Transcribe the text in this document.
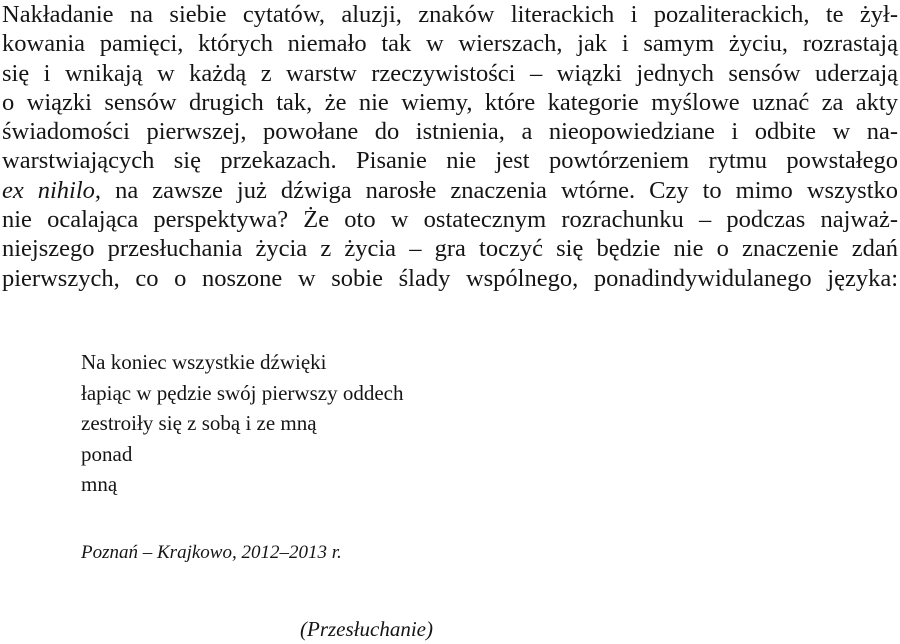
Nakładanie na siebie cytatów, aluzji, znaków literackich i pozaliterackich, te żył-
kowania pamięci, których niemało tak w wierszach, jak i samym życiu, rozrastają
się i wnikają w każdą z warstw rzeczywistości – wiązki jednych sensów uderzają
o wiązki sensów drugich tak, że nie wiemy, które kategorie myślowe uznać za akty
świadomości pierwszej, powołane do istnienia, a nieopowiedziane i odbite w na-
warstwiających się przekazach. Pisanie nie jest powtórzeniem rytmu powstałego
ex nihilo, na zawsze już dźwiga narosłe znaczenia wtórne. Czy to mimo wszystko
nie ocalająca perspektywa? Że oto w ostatecznym rozrachunku – podczas najważ-
niejszego przesłuchania życia z życia – gra toczyć się będzie nie o znaczenie zdań
pierwszych, co o noszone w sobie ślady wspólnego, ponadindywidulanego języka:
Na koniec wszystkie dźwięki
łapiąc w pędzie swój pierwszy oddech
zestroiły się z sobą i ze mną
ponad
mną
Poznań – Krajkowo, 2012–2013 r.
(Przesłuchanie)
